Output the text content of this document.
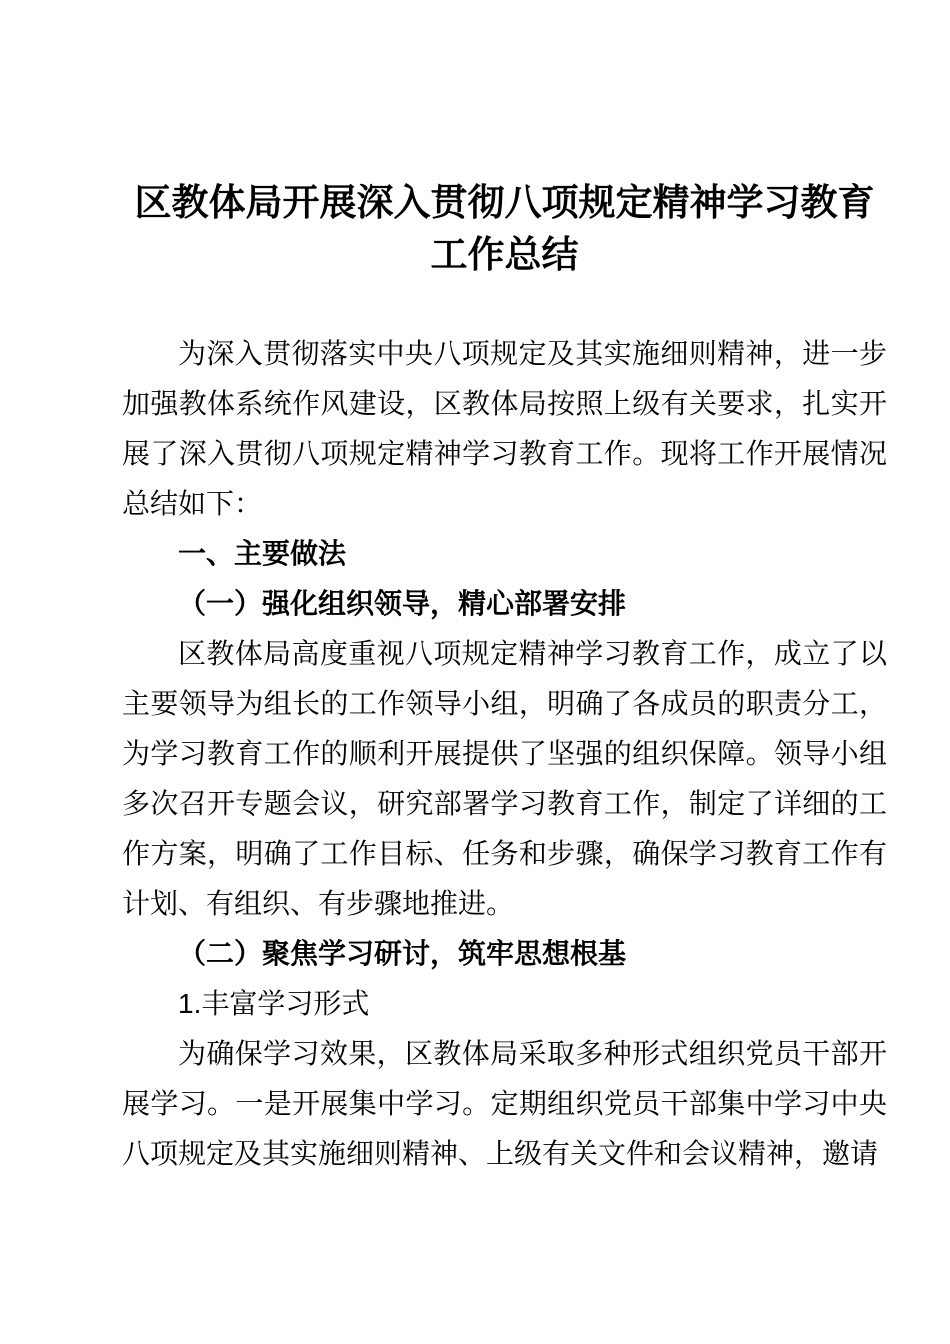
区教体局开展深入贯彻八项规定精神学习教育工作总结

为深入贯彻落实中央八项规定及其实施细则精神，进一步加强教体系统作风建设，区教体局按照上级有关要求，扎实开展了深入贯彻八项规定精神学习教育工作。现将工作开展情况总结如下：

一、主要做法

（一）强化组织领导，精心部署安排

区教体局高度重视八项规定精神学习教育工作，成立了以主要领导为组长的工作领导小组，明确了各成员的职责分工，为学习教育工作的顺利开展提供了坚强的组织保障。领导小组多次召开专题会议，研究部署学习教育工作，制定了详细的工作方案，明确了工作目标、任务和步骤，确保学习教育工作有计划、有组织、有步骤地推进。

（二）聚焦学习研讨，筑牢思想根基

1.丰富学习形式

为确保学习效果，区教体局采取多种形式组织党员干部开展学习。一是开展集中学习。定期组织党员干部集中学习中央八项规定及其实施细则精神、上级有关文件和会议精神，邀请
